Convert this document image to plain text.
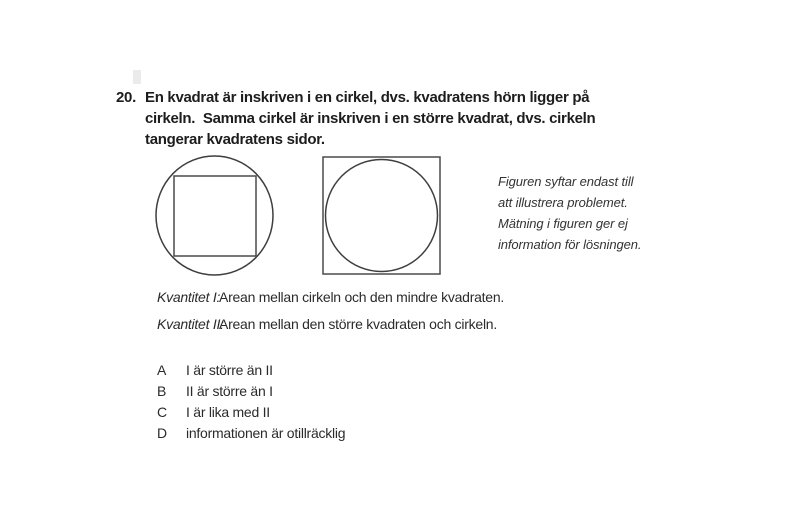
20. En kvadrat är inskriven i en cirkel, dvs. kvadratens hörn ligger på
cirkeln.  Samma cirkel är inskriven i en större kvadrat, dvs. cirkeln
tangerar kvadratens sidor.
Figuren syftar endast till
att illustrera problemet.
Mätning i figuren ger ej
information för lösningen.
Kvantitet I:
Arean mellan cirkeln och den mindre kvadraten.
Kvantitet II:
Arean mellan den större kvadraten och cirkeln.
A	I är större än II
B	II är större än I
C	I är lika med II
D	informationen är otillräcklig
